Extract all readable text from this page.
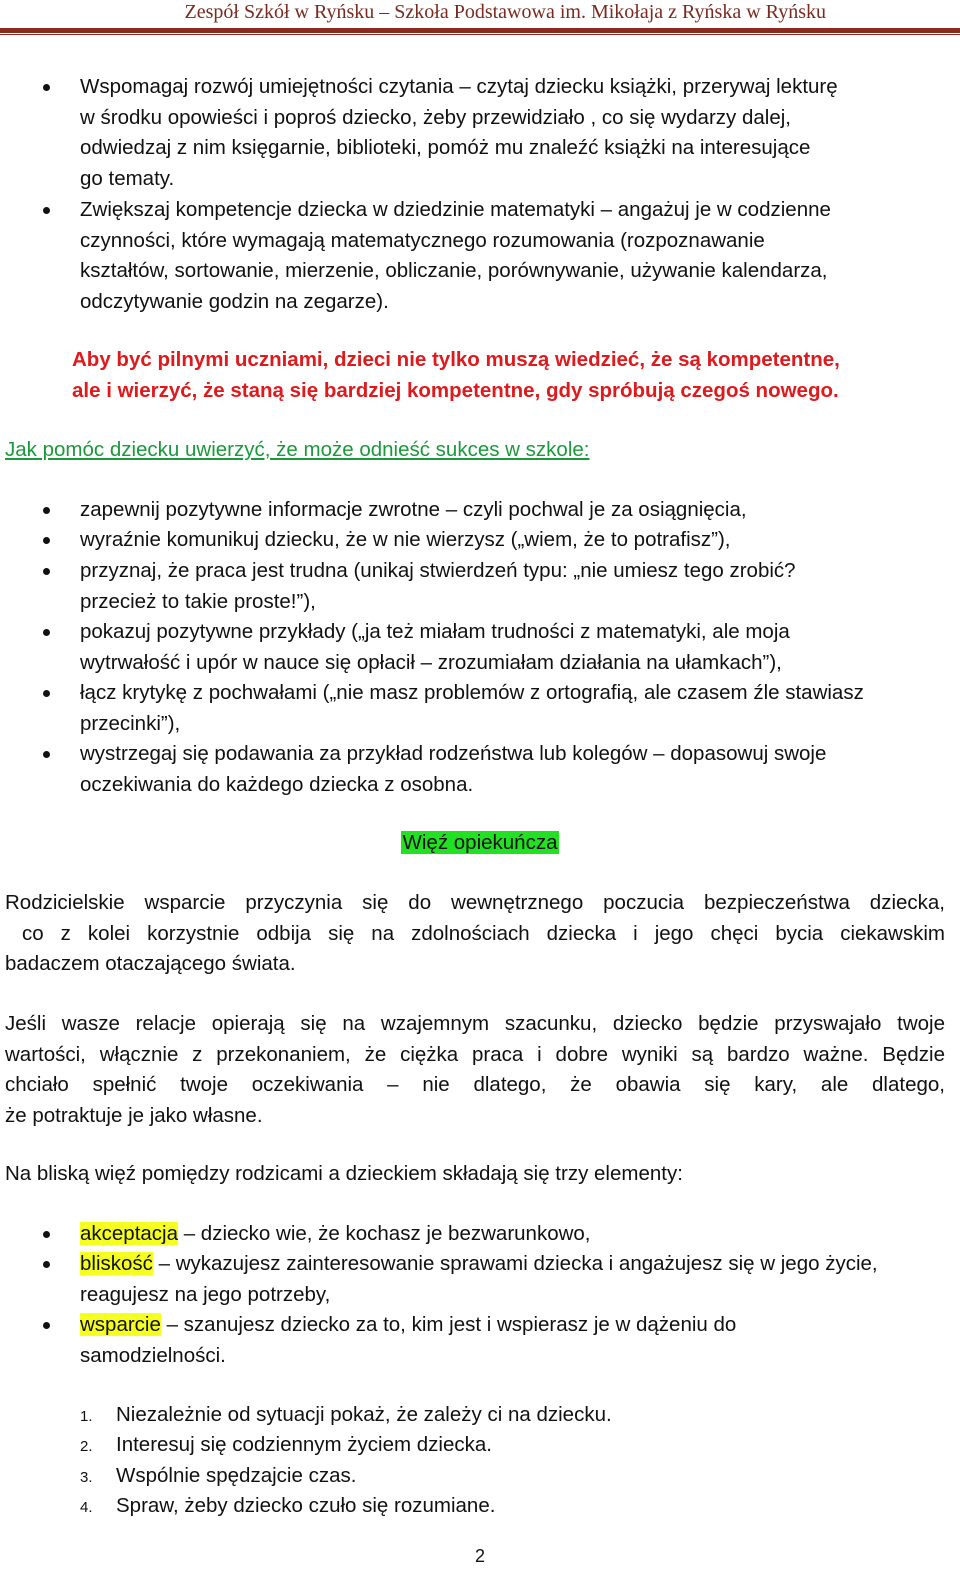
Zespół Szkół w Ryńsku – Szkoła Podstawowa im. Mikołaja z Ryńska w Ryńsku
Wspomagaj rozwój umiejętności czytania – czytaj dziecku książki, przerywaj lekturę
w środku opowieści i poproś dziecko, żeby przewidziało , co się wydarzy dalej,
odwiedzaj z nim księgarnie, biblioteki, pomóż mu znaleźć książki na interesujące
go tematy.
Zwiększaj kompetencje dziecka w dziedzinie matematyki – angażuj je w codzienne
czynności, które wymagają matematycznego rozumowania (rozpoznawanie
kształtów, sortowanie, mierzenie, obliczanie, porównywanie, używanie kalendarza,
odczytywanie godzin na zegarze).
Aby być pilnymi uczniami, dzieci nie tylko muszą wiedzieć, że są kompetentne,
ale i wierzyć, że staną się bardziej kompetentne, gdy spróbują czegoś nowego.
Jak pomóc dziecku uwierzyć, że może odnieść sukces w szkole:
zapewnij pozytywne informacje zwrotne – czyli pochwal je za osiągnięcia,
wyraźnie komunikuj dziecku, że w nie wierzysz („wiem, że to potrafisz”),
przyznaj, że praca jest trudna (unikaj stwierdzeń typu: „nie umiesz tego zrobić?
przecież to takie proste!”),
pokazuj pozytywne przykłady („ja też miałam trudności z matematyki, ale moja
wytrwałość i upór w nauce się opłacił – zrozumiałam działania na ułamkach”),
łącz krytykę z pochwałami („nie masz problemów z ortografią, ale czasem źle stawiasz
przecinki”),
wystrzegaj się podawania za przykład rodzeństwa lub kolegów – dopasowuj swoje
oczekiwania do każdego dziecka z osobna.
Więź opiekuńcza
Rodzicielskie wsparcie przyczynia się do wewnętrznego poczucia bezpieczeństwa dziecka,
co z kolei korzystnie odbija się na zdolnościach dziecka i jego chęci bycia ciekawskim
badaczem otaczającego świata.
Jeśli wasze relacje opierają się na wzajemnym szacunku, dziecko będzie przyswajało twoje
wartości, włącznie z przekonaniem, że ciężka praca i dobre wyniki są bardzo ważne. Będzie
chciało spełnić twoje oczekiwania – nie dlatego, że obawia się kary, ale dlatego,
że potraktuje je jako własne.
Na bliską więź pomiędzy rodzicami a dzieckiem składają się trzy elementy:
akceptacja – dziecko wie, że kochasz je bezwarunkowo,
bliskość – wykazujesz zainteresowanie sprawami dziecka i angażujesz się w jego życie,
reagujesz na jego potrzeby,
wsparcie – szanujesz dziecko za to, kim jest i wspierasz je w dążeniu do
samodzielności.
1. Niezależnie od sytuacji pokaż, że zależy ci na dziecku.
2. Interesuj się codziennym życiem dziecka.
3. Wspólnie spędzajcie czas.
4. Spraw, żeby dziecko czuło się rozumiane.
2
